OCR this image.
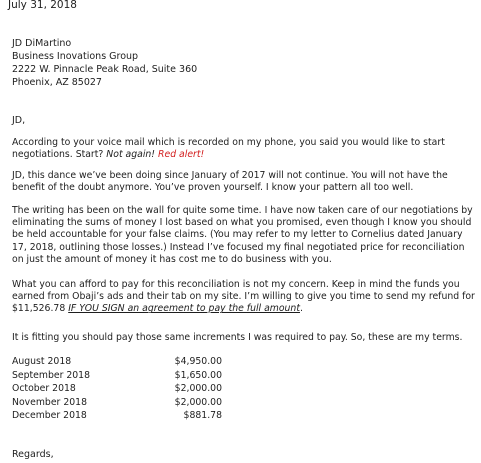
July 31, 2018

JD DiMartino

Business Inovations Group

2222 W. Pinnacle Peak Road, Suite 360

Phoenix, AZ 85027

JD,

According to your voice mail which is recorded on my phone, you said you would like to start negotiations. Start? Not again! Red alert!

JD, this dance we’ve been doing since January of 2017 will not continue. You will not have the benefit of the doubt anymore. You’ve proven yourself. I know your pattern all too well.

The writing has been on the wall for quite some time. I have now taken care of our negotiations by eliminating the sums of money I lost based on what you promised, even though I know you should be held accountable for your false claims. (You may refer to my letter to Cornelius dated January 17, 2018, outlining those losses.) Instead I’ve focused my final negotiated price for reconciliation on just the amount of money it has cost me to do business with you.

What you can afford to pay for this reconciliation is not my concern. Keep in mind the funds you earned from Obaji’s ads and their tab on my site. I’m willing to give you time to send my refund for $11,526.78 IF YOU SIGN an agreement to pay the full amount.

It is fitting you should pay those same increments I was required to pay. So, these are my terms.

August 2018	$4,950.00
September 2018	$1,650.00
October 2018	$2,000.00
November 2018	$2,000.00
December 2018	$881.78

Regards,
